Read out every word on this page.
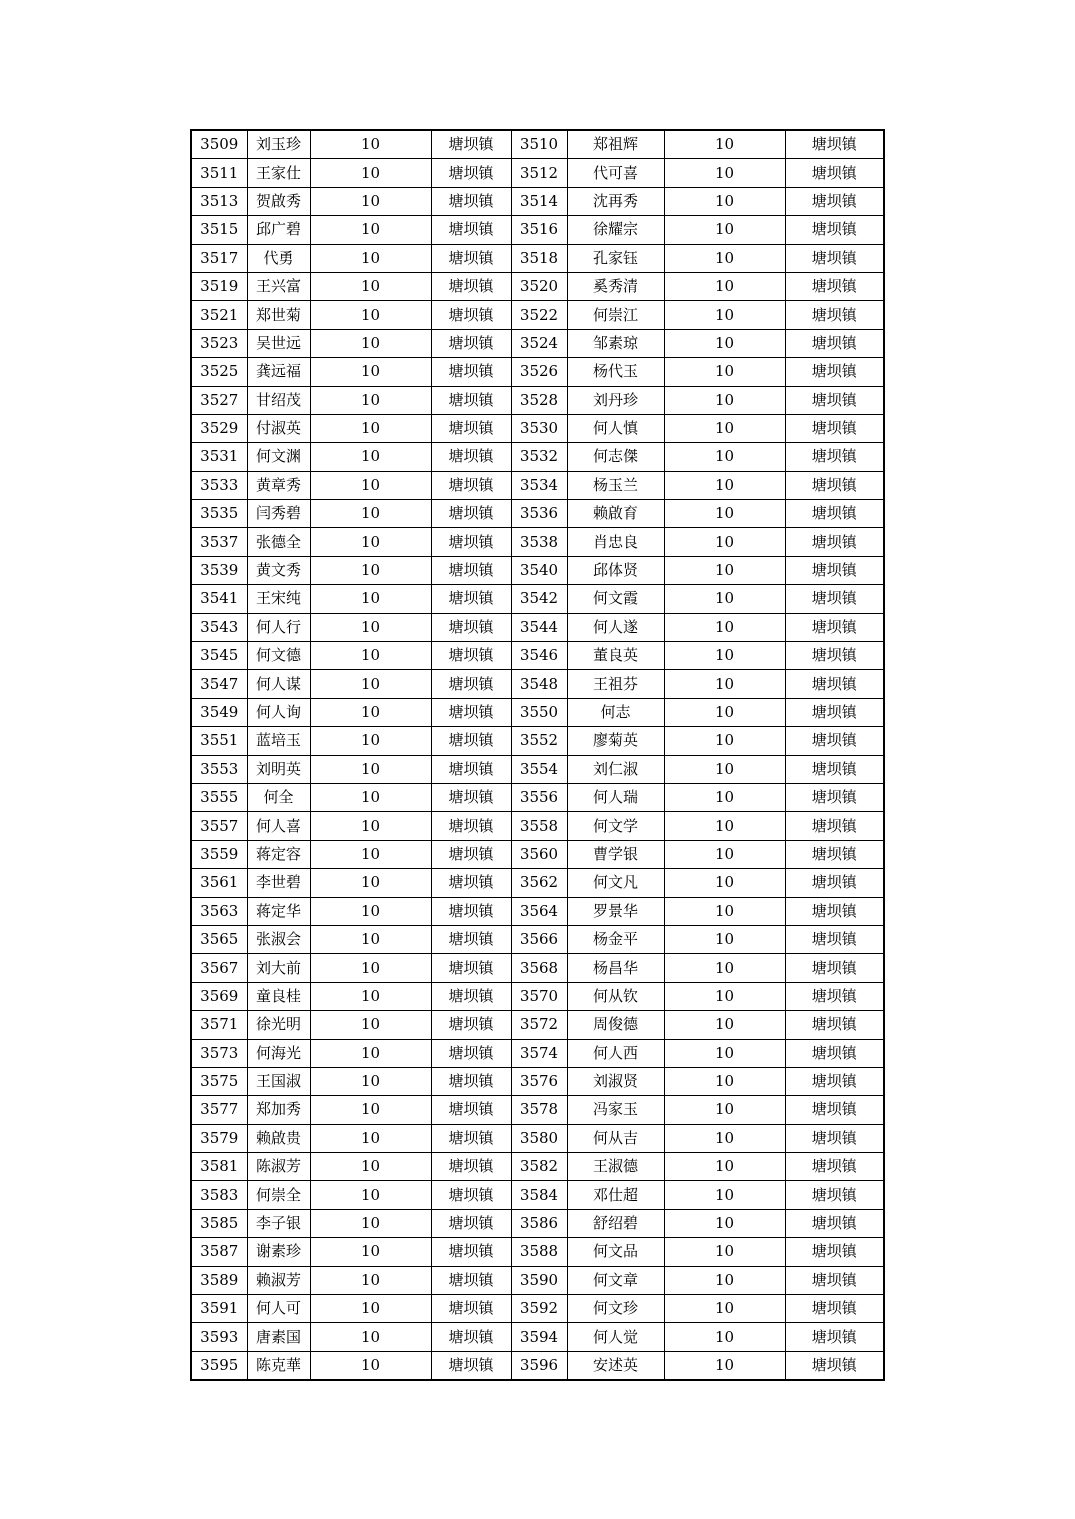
3509	刘玉珍	10	塘坝镇	3510	郑祖辉	10	塘坝镇
3511	王家仕	10	塘坝镇	3512	代可喜	10	塘坝镇
3513	贺啟秀	10	塘坝镇	3514	沈再秀	10	塘坝镇
3515	邱广碧	10	塘坝镇	3516	徐耀宗	10	塘坝镇
3517	代勇	10	塘坝镇	3518	孔家钰	10	塘坝镇
3519	王兴富	10	塘坝镇	3520	奚秀清	10	塘坝镇
3521	郑世菊	10	塘坝镇	3522	何崇江	10	塘坝镇
3523	吴世远	10	塘坝镇	3524	邹素琼	10	塘坝镇
3525	龚远福	10	塘坝镇	3526	杨代玉	10	塘坝镇
3527	甘绍茂	10	塘坝镇	3528	刘丹珍	10	塘坝镇
3529	付淑英	10	塘坝镇	3530	何人慎	10	塘坝镇
3531	何文渊	10	塘坝镇	3532	何志傑	10	塘坝镇
3533	黄章秀	10	塘坝镇	3534	杨玉兰	10	塘坝镇
3535	闫秀碧	10	塘坝镇	3536	赖啟育	10	塘坝镇
3537	张德全	10	塘坝镇	3538	肖忠良	10	塘坝镇
3539	黄文秀	10	塘坝镇	3540	邱体贤	10	塘坝镇
3541	王宋纯	10	塘坝镇	3542	何文霞	10	塘坝镇
3543	何人行	10	塘坝镇	3544	何人遂	10	塘坝镇
3545	何文德	10	塘坝镇	3546	董良英	10	塘坝镇
3547	何人谋	10	塘坝镇	3548	王祖芬	10	塘坝镇
3549	何人询	10	塘坝镇	3550	何志	10	塘坝镇
3551	蓝培玉	10	塘坝镇	3552	廖菊英	10	塘坝镇
3553	刘明英	10	塘坝镇	3554	刘仁淑	10	塘坝镇
3555	何全	10	塘坝镇	3556	何人瑞	10	塘坝镇
3557	何人喜	10	塘坝镇	3558	何文学	10	塘坝镇
3559	蒋定容	10	塘坝镇	3560	曹学银	10	塘坝镇
3561	李世碧	10	塘坝镇	3562	何文凡	10	塘坝镇
3563	蒋定华	10	塘坝镇	3564	罗景华	10	塘坝镇
3565	张淑会	10	塘坝镇	3566	杨金平	10	塘坝镇
3567	刘大前	10	塘坝镇	3568	杨昌华	10	塘坝镇
3569	童良桂	10	塘坝镇	3570	何从钦	10	塘坝镇
3571	徐光明	10	塘坝镇	3572	周俊德	10	塘坝镇
3573	何海光	10	塘坝镇	3574	何人西	10	塘坝镇
3575	王国淑	10	塘坝镇	3576	刘淑贤	10	塘坝镇
3577	郑加秀	10	塘坝镇	3578	冯家玉	10	塘坝镇
3579	赖啟贵	10	塘坝镇	3580	何从吉	10	塘坝镇
3581	陈淑芳	10	塘坝镇	3582	王淑德	10	塘坝镇
3583	何崇全	10	塘坝镇	3584	邓仕超	10	塘坝镇
3585	李子银	10	塘坝镇	3586	舒绍碧	10	塘坝镇
3587	谢素珍	10	塘坝镇	3588	何文品	10	塘坝镇
3589	赖淑芳	10	塘坝镇	3590	何文章	10	塘坝镇
3591	何人可	10	塘坝镇	3592	何文珍	10	塘坝镇
3593	唐素国	10	塘坝镇	3594	何人觉	10	塘坝镇
3595	陈克華	10	塘坝镇	3596	安述英	10	塘坝镇
